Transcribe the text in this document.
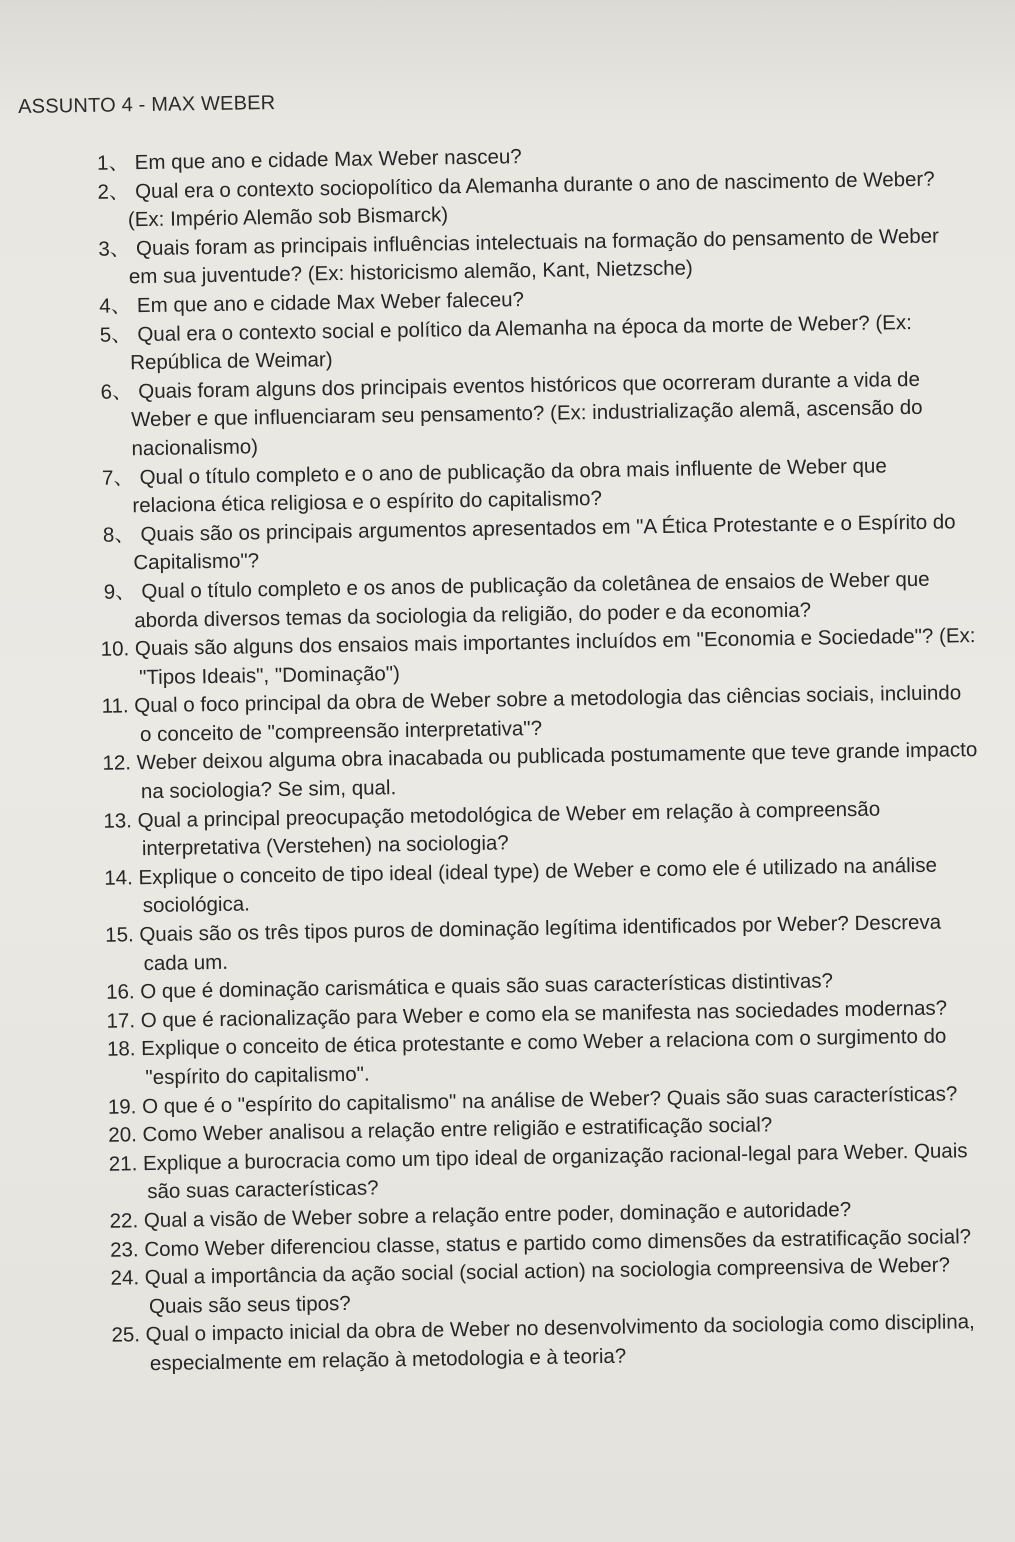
ASSUNTO 4 - MAX WEBER
1、 Em que ano e cidade Max Weber nasceu?
2、 Qual era o contexto sociopolítico da Alemanha durante o ano de nascimento de Weber? (Ex: Império Alemão sob Bismarck)
3、 Quais foram as principais influências intelectuais na formação do pensamento de Weber em sua juventude? (Ex: historicismo alemão, Kant, Nietzsche)
4、 Em que ano e cidade Max Weber faleceu?
5、 Qual era o contexto social e político da Alemanha na época da morte de Weber? (Ex: República de Weimar)
6、 Quais foram alguns dos principais eventos históricos que ocorreram durante a vida de Weber e que influenciaram seu pensamento? (Ex: industrialização alemã, ascensão do nacionalismo)
7、 Qual o título completo e o ano de publicação da obra mais influente de Weber que relaciona ética religiosa e o espírito do capitalismo?
8、 Quais são os principais argumentos apresentados em "A Ética Protestante e o Espírito do Capitalismo"?
9、 Qual o título completo e os anos de publicação da coletânea de ensaios de Weber que aborda diversos temas da sociologia da religião, do poder e da economia?
10. Quais são alguns dos ensaios mais importantes incluídos em "Economia e Sociedade"? (Ex: "Tipos Ideais", "Dominação")
11. Qual o foco principal da obra de Weber sobre a metodologia das ciências sociais, incluindo o conceito de "compreensão interpretativa"?
12. Weber deixou alguma obra inacabada ou publicada postumamente que teve grande impacto na sociologia? Se sim, qual.
13. Qual a principal preocupação metodológica de Weber em relação à compreensão interpretativa (Verstehen) na sociologia?
14. Explique o conceito de tipo ideal (ideal type) de Weber e como ele é utilizado na análise sociológica.
15. Quais são os três tipos puros de dominação legítima identificados por Weber? Descreva cada um.
16. O que é dominação carismática e quais são suas características distintivas?
17. O que é racionalização para Weber e como ela se manifesta nas sociedades modernas?
18. Explique o conceito de ética protestante e como Weber a relaciona com o surgimento do "espírito do capitalismo".
19. O que é o "espírito do capitalismo" na análise de Weber? Quais são suas características?
20. Como Weber analisou a relação entre religião e estratificação social?
21. Explique a burocracia como um tipo ideal de organização racional-legal para Weber. Quais são suas características?
22. Qual a visão de Weber sobre a relação entre poder, dominação e autoridade?
23. Como Weber diferenciou classe, status e partido como dimensões da estratificação social?
24. Qual a importância da ação social (social action) na sociologia compreensiva de Weber? Quais são seus tipos?
25. Qual o impacto inicial da obra de Weber no desenvolvimento da sociologia como disciplina, especialmente em relação à metodologia e à teoria?
